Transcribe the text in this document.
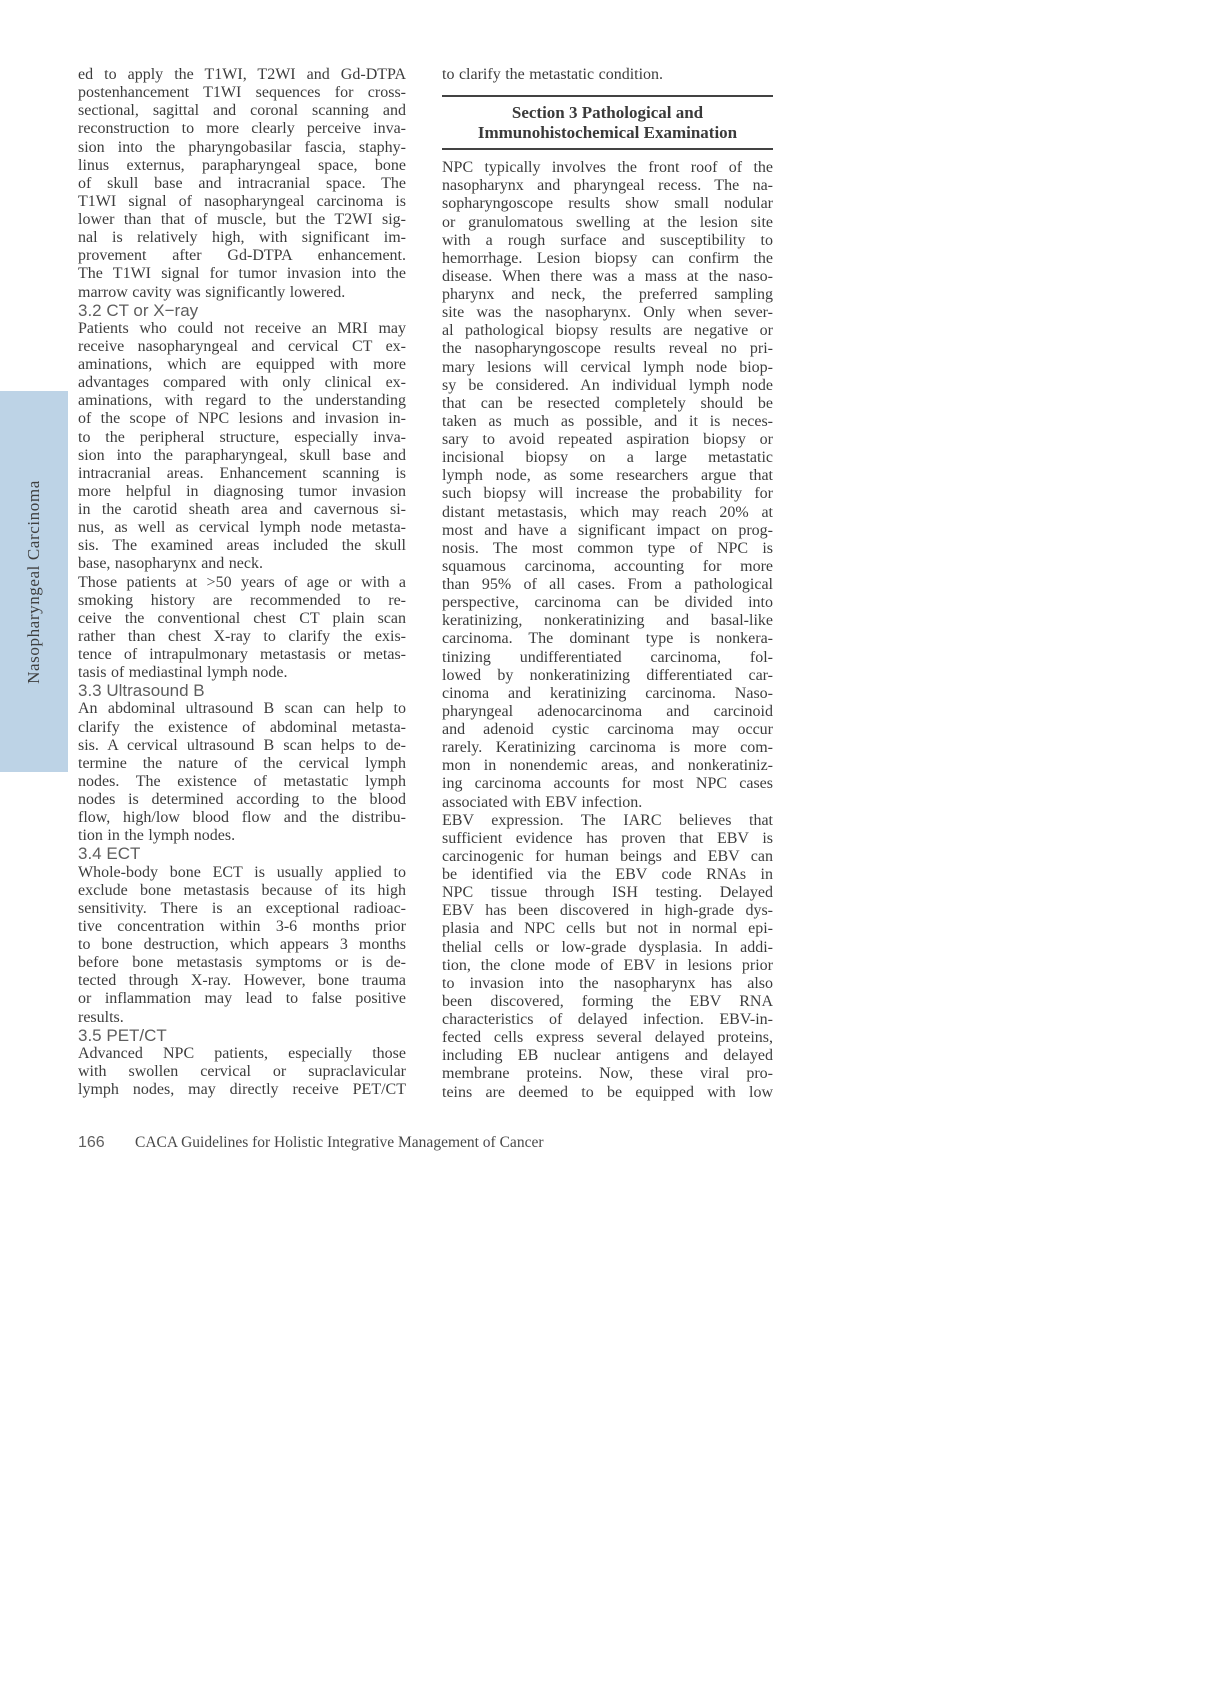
Nasopharyngeal Carcinoma
ed to apply the T1WI, T2WI and Gd-DTPA
postenhancement T1WI sequences for cross-
sectional, sagittal and coronal scanning and
reconstruction to more clearly perceive inva-
sion into the pharyngobasilar fascia, staphy-
linus externus, parapharyngeal space, bone
of skull base and intracranial space. The
T1WI signal of nasopharyngeal carcinoma is
lower than that of muscle, but the T2WI sig-
nal is relatively high, with significant im-
provement after Gd-DTPA enhancement.
The T1WI signal for tumor invasion into the
marrow cavity was significantly lowered.
3.2 CT or X−ray
Patients who could not receive an MRI may
receive nasopharyngeal and cervical CT ex-
aminations, which are equipped with more
advantages compared with only clinical ex-
aminations, with regard to the understanding
of the scope of NPC lesions and invasion in-
to the peripheral structure, especially inva-
sion into the parapharyngeal, skull base and
intracranial areas. Enhancement scanning is
more helpful in diagnosing tumor invasion
in the carotid sheath area and cavernous si-
nus, as well as cervical lymph node metasta-
sis. The examined areas included the skull
base, nasopharynx and neck.
Those patients at >50 years of age or with a
smoking history are recommended to re-
ceive the conventional chest CT plain scan
rather than chest X-ray to clarify the exis-
tence of intrapulmonary metastasis or metas-
tasis of mediastinal lymph node.
3.3 Ultrasound B
An abdominal ultrasound B scan can help to
clarify the existence of abdominal metasta-
sis. A cervical ultrasound B scan helps to de-
termine the nature of the cervical lymph
nodes. The existence of metastatic lymph
nodes is determined according to the blood
flow, high/low blood flow and the distribu-
tion in the lymph nodes.
3.4 ECT
Whole-body bone ECT is usually applied to
exclude bone metastasis because of its high
sensitivity. There is an exceptional radioac-
tive concentration within 3-6 months prior
to bone destruction, which appears 3 months
before bone metastasis symptoms or is de-
tected through X-ray. However, bone trauma
or inflammation may lead to false positive
results.
3.5 PET/CT
Advanced NPC patients, especially those
with swollen cervical or supraclavicular
lymph nodes, may directly receive PET/CT
to clarify the metastatic condition.
Section 3 Pathological and
Immunohistochemical Examination
NPC typically involves the front roof of the
nasopharynx and pharyngeal recess. The na-
sopharyngoscope results show small nodular
or granulomatous swelling at the lesion site
with a rough surface and susceptibility to
hemorrhage. Lesion biopsy can confirm the
disease. When there was a mass at the naso-
pharynx and neck, the preferred sampling
site was the nasopharynx. Only when sever-
al pathological biopsy results are negative or
the nasopharyngoscope results reveal no pri-
mary lesions will cervical lymph node biop-
sy be considered. An individual lymph node
that can be resected completely should be
taken as much as possible, and it is neces-
sary to avoid repeated aspiration biopsy or
incisional biopsy on a large metastatic
lymph node, as some researchers argue that
such biopsy will increase the probability for
distant metastasis, which may reach 20% at
most and have a significant impact on prog-
nosis. The most common type of NPC is
squamous carcinoma, accounting for more
than 95% of all cases. From a pathological
perspective, carcinoma can be divided into
keratinizing, nonkeratinizing and basal-like
carcinoma. The dominant type is nonkera-
tinizing undifferentiated carcinoma, fol-
lowed by nonkeratinizing differentiated car-
cinoma and keratinizing carcinoma. Naso-
pharyngeal adenocarcinoma and carcinoid
and adenoid cystic carcinoma may occur
rarely. Keratinizing carcinoma is more com-
mon in nonendemic areas, and nonkeratiniz-
ing carcinoma accounts for most NPC cases
associated with EBV infection.
EBV expression. The IARC believes that
sufficient evidence has proven that EBV is
carcinogenic for human beings and EBV can
be identified via the EBV code RNAs in
NPC tissue through ISH testing. Delayed
EBV has been discovered in high-grade dys-
plasia and NPC cells but not in normal epi-
thelial cells or low-grade dysplasia. In addi-
tion, the clone mode of EBV in lesions prior
to invasion into the nasopharynx has also
been discovered, forming the EBV RNA
characteristics of delayed infection. EBV-in-
fected cells express several delayed proteins,
including EB nuclear antigens and delayed
membrane proteins. Now, these viral pro-
teins are deemed to be equipped with low
166	CACA Guidelines for Holistic Integrative Management of Cancer
